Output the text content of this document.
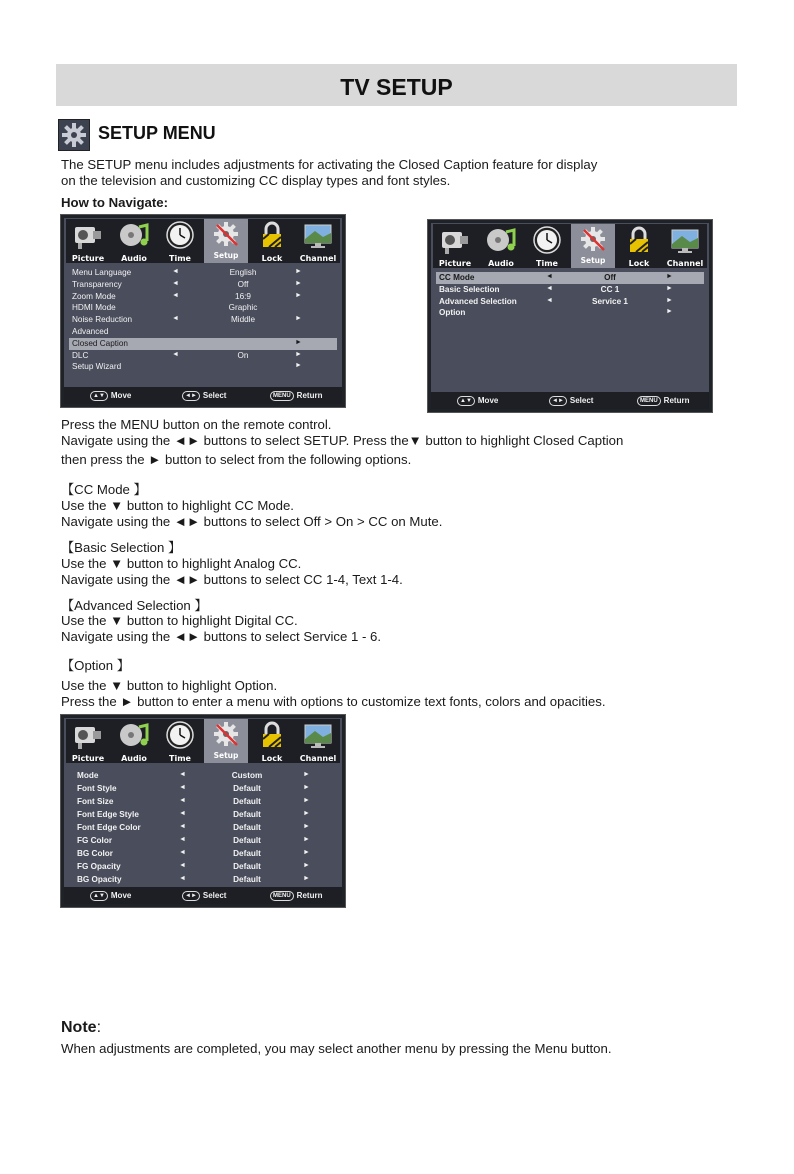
TV SETUP
SETUP MENU
The SETUP menu includes adjustments for activating the Closed Caption feature for display
on the television and customizing CC display types and font styles.
How to Navigate:
Picture	Audio	Time	Setup	Lock	Channel
Menu Language	◄	English	►
Transparency	◄	Off	►
Zoom Mode	◄	16:9	►
HDMI Mode	Graphic
Noise Reduction	◄	Middle	►
Advanced
Closed Caption	►
DLC	◄	On	►
Setup Wizard	►
▲▼ Move	◄► Select	MENU Return
Picture	Audio	Time	Setup	Lock	Channel
CC Mode	◄	Off	►
Basic Selection	◄	CC 1	►
Advanced Selection	◄	Service 1	►
Option	►
▲▼ Move	◄► Select	MENU Return
Press the MENU button on the remote control.
Navigate using the ◄► buttons to select SETUP. Press the▼ button to highlight Closed Caption
then press the ► button to select from the following options.
【CC Mode 】
Use the ▼ button to highlight CC Mode.
Navigate using the ◄► buttons to select Off > On > CC on Mute.
【Basic Selection 】
Use the ▼ button to highlight Analog CC.
Navigate using the ◄► buttons to select CC 1-4, Text 1-4.
【Advanced Selection 】
Use the ▼ button to highlight Digital CC.
Navigate using the ◄► buttons to select Service 1 - 6.
【Option 】
Use the ▼ button to highlight Option.
Press the ► button to enter a menu with options to customize text fonts, colors and opacities.
Picture	Audio	Time	Setup	Lock	Channel
Mode	◄	Custom	►
Font Style	◄	Default	►
Font Size	◄	Default	►
Font Edge Style	◄	Default	►
Font Edge Color	◄	Default	►
FG Color	◄	Default	►
BG Color	◄	Default	►
FG Opacity	◄	Default	►
BG Opacity	◄	Default	►
▲▼ Move	◄► Select	MENU Return
Note:
When adjustments are completed, you may select another menu by pressing the Menu button.
